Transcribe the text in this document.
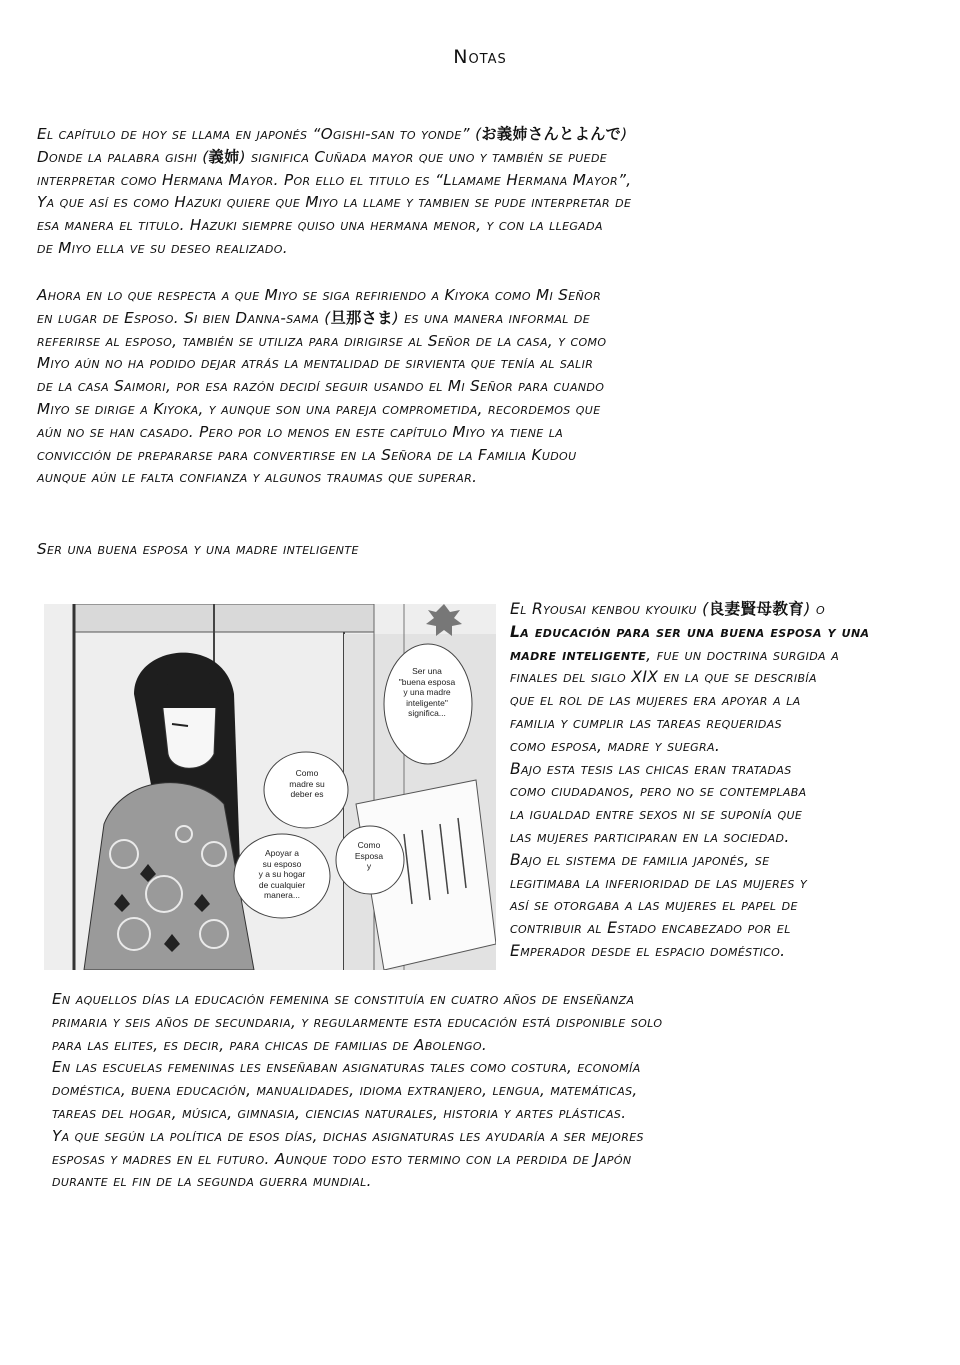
Notas
El capítulo de hoy se llama en japonés “Ogishi-san to yonde” (お義姉さんとよんで)
Donde la palabra gishi (義姉) significa Cuñada mayor que uno y también se puede
interpretar como Hermana Mayor. Por ello el titulo es “Llamame Hermana Mayor”,
Ya que así es como Hazuki quiere que Miyo la llame y tambien se pude interpretar de
esa manera el titulo. Hazuki siempre quiso una hermana menor, y con la llegada
de Miyo ella ve su deseo realizado.
Ahora en lo que respecta a que Miyo se siga refiriendo a Kiyoka como Mi Señor
en lugar de Esposo. Si bien Danna-sama (旦那さま) es una manera informal de
referirse al esposo, también se utiliza para dirigirse al Señor de la casa, y como
Miyo aún no ha podido dejar atrás la mentalidad de sirvienta que tenía al salir
de la casa Saimori, por esa razón decidí seguir usando el Mi Señor para cuando
Miyo se dirige a Kiyoka, y aunque son una pareja comprometida, recordemos que
aún no se han casado. Pero por lo menos en este capítulo Miyo ya tiene la
convicción de prepararse para convertirse en la Señora de la Familia Kudou
aunque aún le falta confianza y algunos traumas que superar.
Ser una buena esposa y una madre inteligente
Ser una
"buena esposa
y una madre
inteligente"
significa...
Como
madre su
deber es
Como
Esposa
y
Apoyar a
su esposo
y a su hogar
de cualquier
manera...
El Ryousai kenbou kyouiku (良妻賢母教育) o
La educación para ser una buena esposa y una
madre inteligente, fue un doctrina surgida a
finales del siglo XIX en la que se describía
que el rol de las mujeres era apoyar a la
familia y cumplir las tareas requeridas
como esposa, madre y suegra.
Bajo esta tesis las chicas eran tratadas
como ciudadanos, pero no se contemplaba
la igualdad entre sexos ni se suponía que
las mujeres participaran en la sociedad.
Bajo el sistema de familia japonés, se
legitimaba la inferioridad de las mujeres y
así se otorgaba a las mujeres el papel de
contribuir al Estado encabezado por el
Emperador desde el espacio doméstico.
En aquellos días la educación femenina se constituía en cuatro años de enseñanza
primaria y seis años de secundaria, y regularmente esta educación está disponible solo
para las elites, es decir, para chicas de familias de Abolengo.
En las escuelas femeninas les enseñaban asignaturas tales como costura, economía
doméstica, buena educación, manualidades, idioma extranjero, lengua, matemáticas,
tareas del hogar, música, gimnasia, ciencias naturales, historia y artes plásticas.
Ya que según la política de esos días, dichas asignaturas les ayudaría a ser mejores
esposas y madres en el futuro. Aunque todo esto termino con la perdida de Japón
durante el fin de la segunda guerra mundial.
